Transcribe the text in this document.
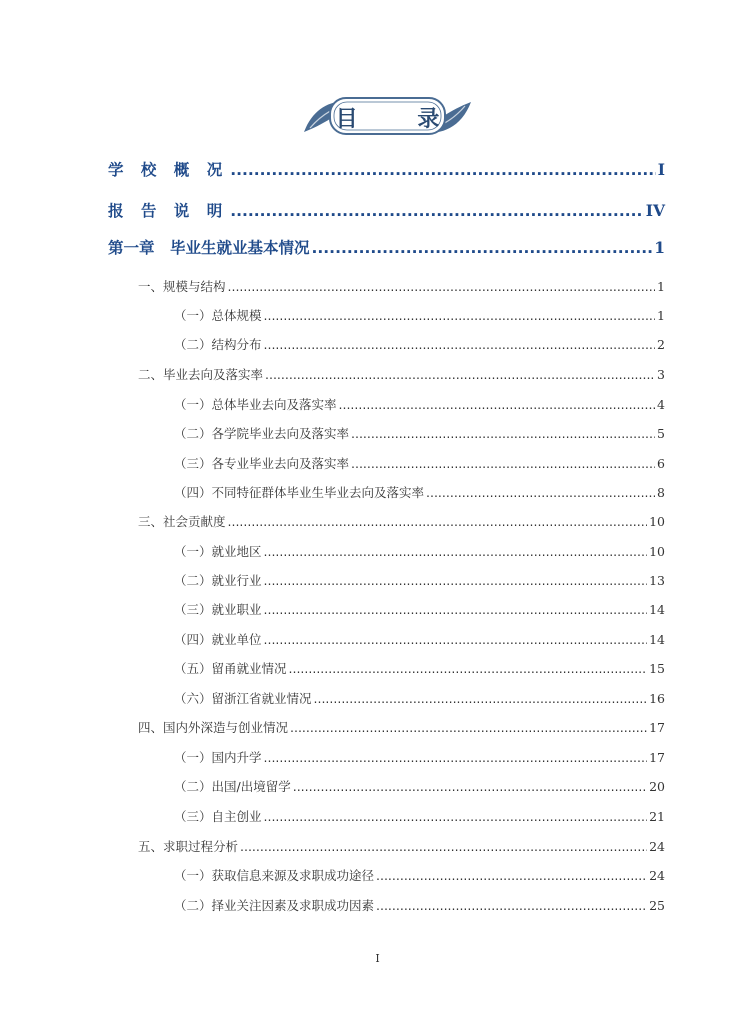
目 录
学 校 概 况 .....	I
报 告 说 明 .....	IV
第一章　毕业生就业基本情况 .....	1
一、规模与结构 .....	1
（一）总体规模 .....	1
（二）结构分布 .....	2
二、毕业去向及落实率 .....	3
（一）总体毕业去向及落实率 .....	4
（二）各学院毕业去向及落实率 .....	5
（三）各专业毕业去向及落实率 .....	6
（四）不同特征群体毕业生毕业去向及落实率 .....	8
三、社会贡献度 .....	10
（一）就业地区 .....	10
（二）就业行业 .....	13
（三）就业职业 .....	14
（四）就业单位 .....	14
（五）留甬就业情况 .....	15
（六）留浙江省就业情况 .....	16
四、国内外深造与创业情况 .....	17
（一）国内升学 .....	17
（二）出国/出境留学 .....	20
（三）自主创业 .....	21
五、求职过程分析 .....	24
（一）获取信息来源及求职成功途径 .....	24
（二）择业关注因素及求职成功因素 .....	25
I
